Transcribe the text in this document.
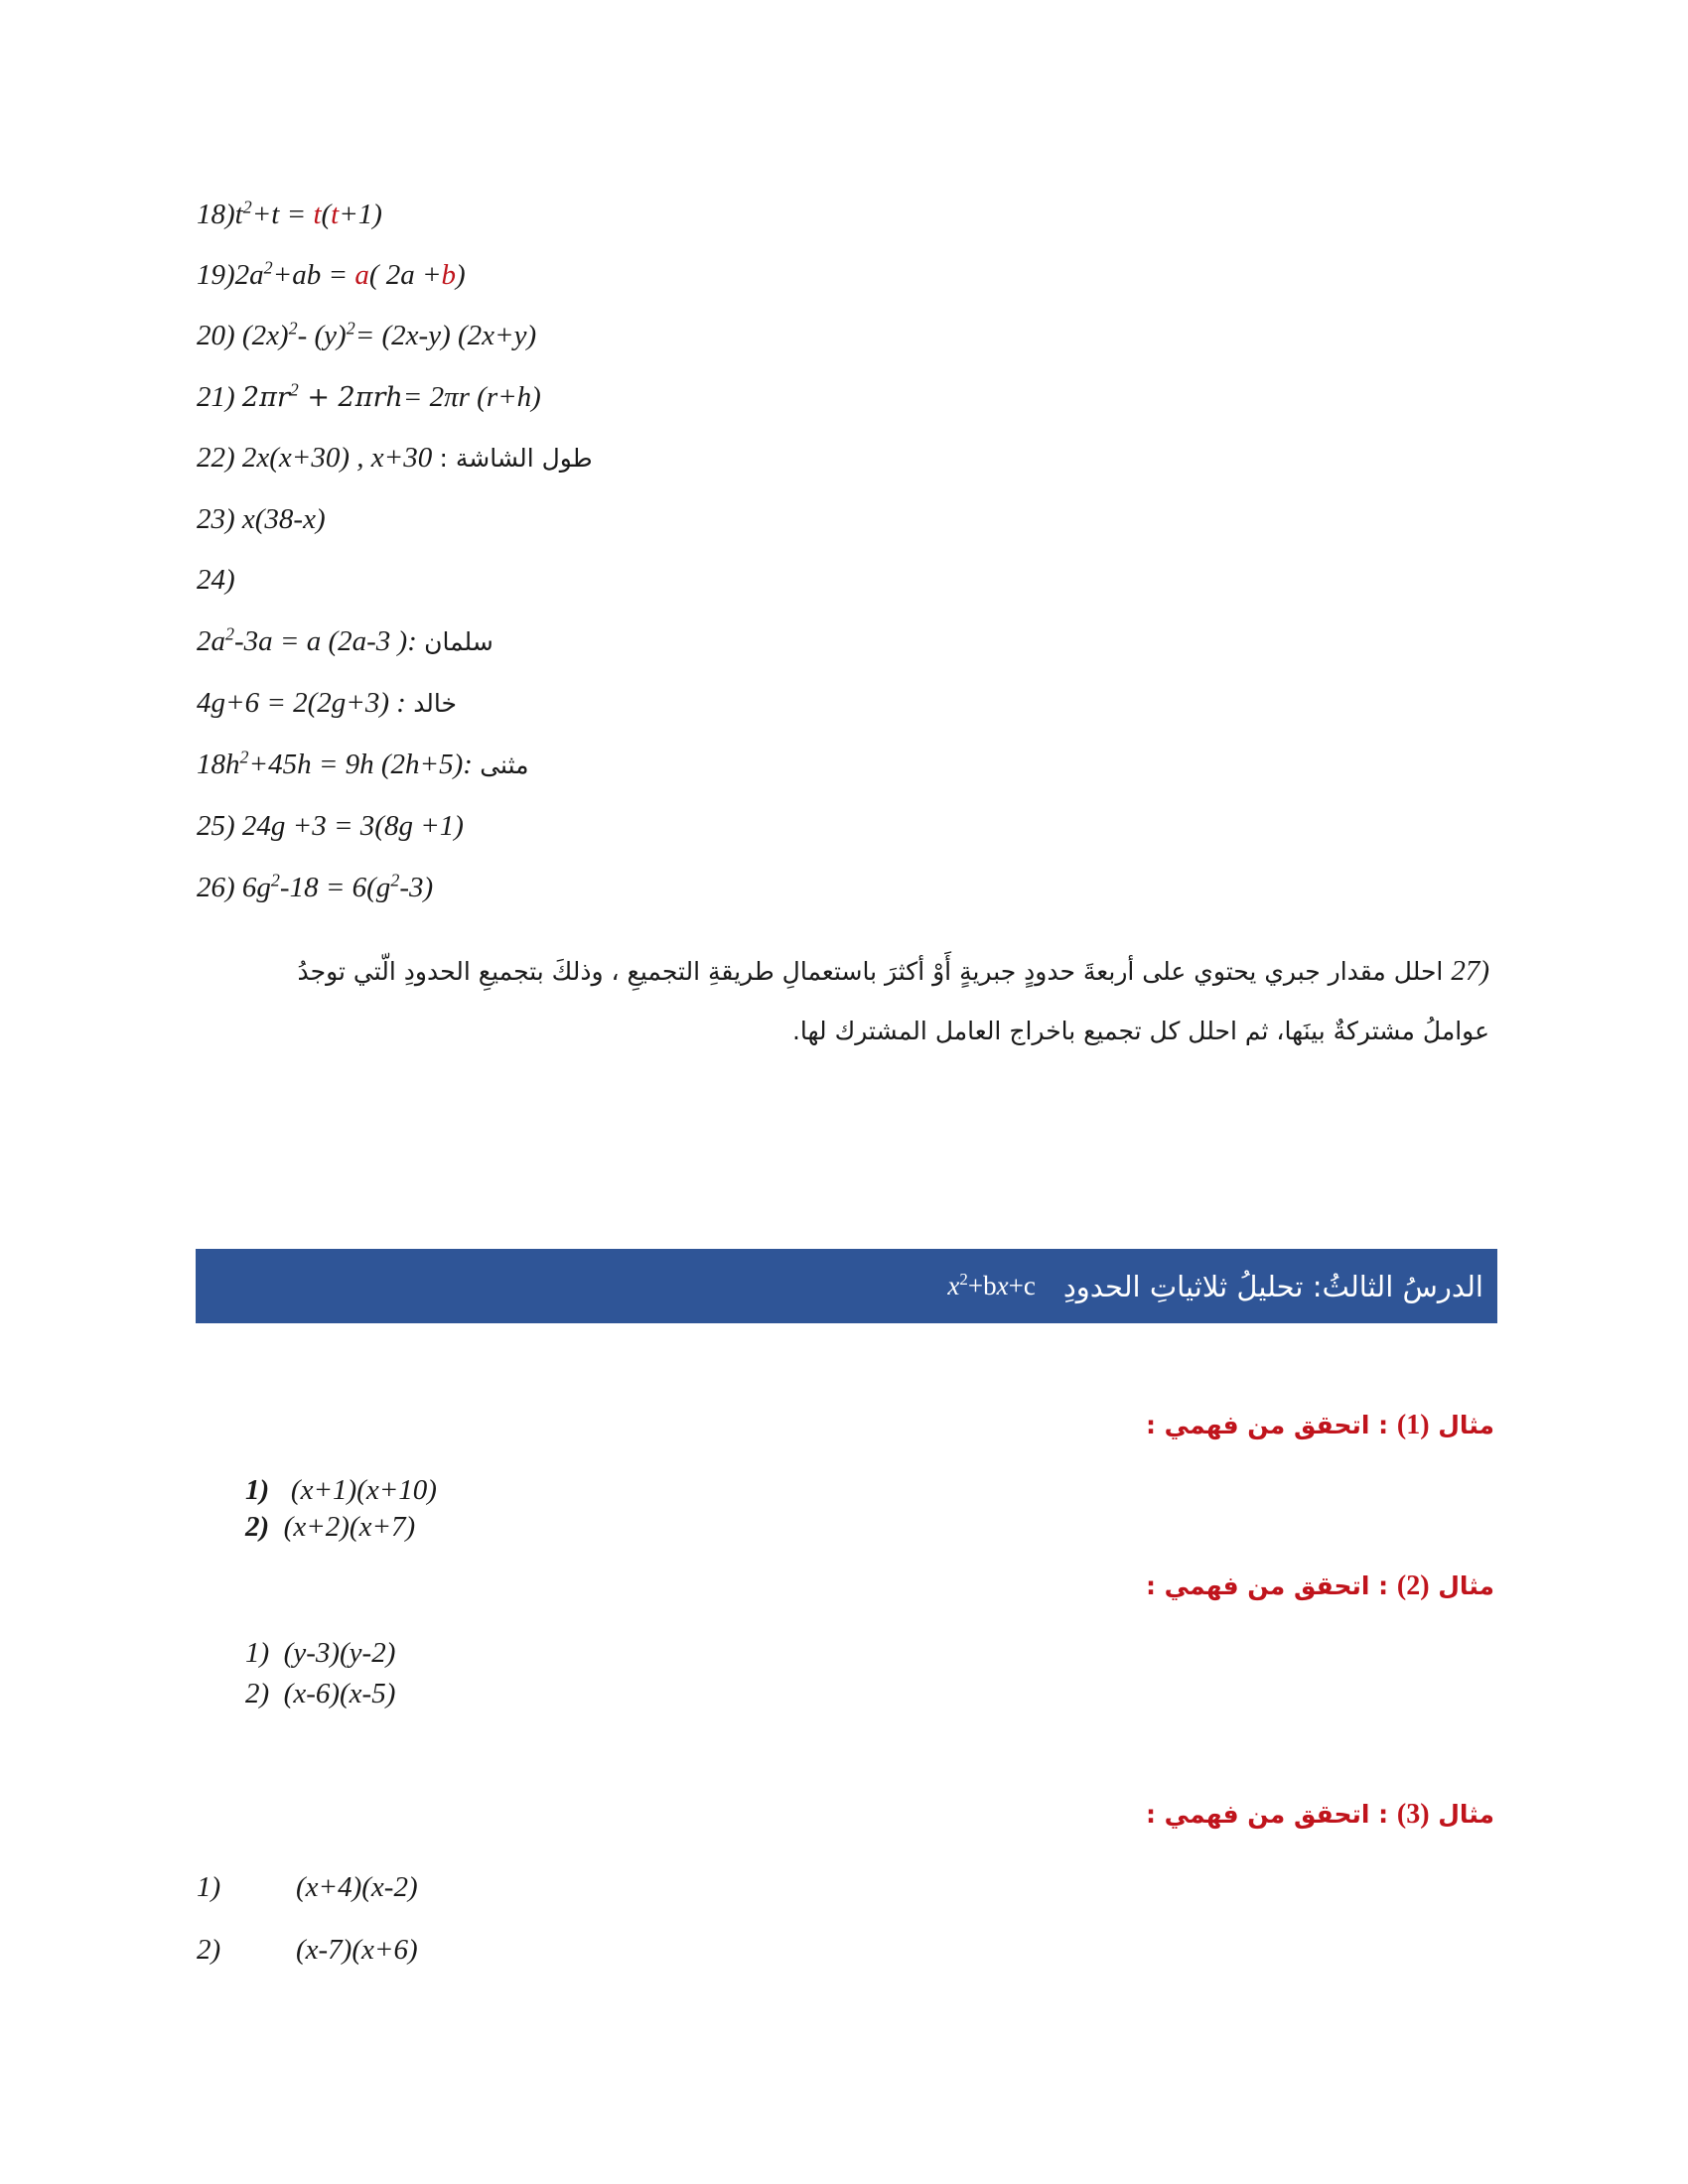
$18)t^2+t = t(t+1)$
$19)2a^2+ab = a$( 2a +b)
20) $(2x)^2-$ $(y)^2= (2x-y)$ (2x+y)
21) $2\pi r^2 + 2\pi rh= 2\pi r$ (r+h)
22) 2x(x+30) , x+30 طول الشاشة :
23) x(38-x)
24)
$2a^2-3a = a$ (2a-3 ): سلمان
4g+6 = 2(2g+3) : خالد
$18h^2+45h = 9h$ (2h+5): مثنى
25) 24g +3 = 3(8g +1)
26) $6g^2-18 = 6(g^2-3)$
27) احلل مقدار جبري يحتوي على أربعةَ حدودٍ جبريةٍ أَوْ أكثرَ باستعمالِ طريقةِ التجميعِ ، وذلكَ بتجميعِ الحدودِ الّتي توجدُ
عواملُ مشتركةٌ بينَها، ثم احلل كل تجميع باخراج العامل المشترك لها.
الدرسُ الثالثُ: تحليلُ ثلاثياتِ الحدودِ
$x^2+bx+c$
مثال (1) : اتحقق من فهمي :
1) (x+1)(x+10)
2) (x+2)(x+7)
مثال (2) : اتحقق من فهمي :
1) (y-3)(y-2)
2) (x-6)(x-5)
مثال (3) : اتحقق من فهمي :
1)	(x+4)(x-2)
2)	(x-7)(x+6)
